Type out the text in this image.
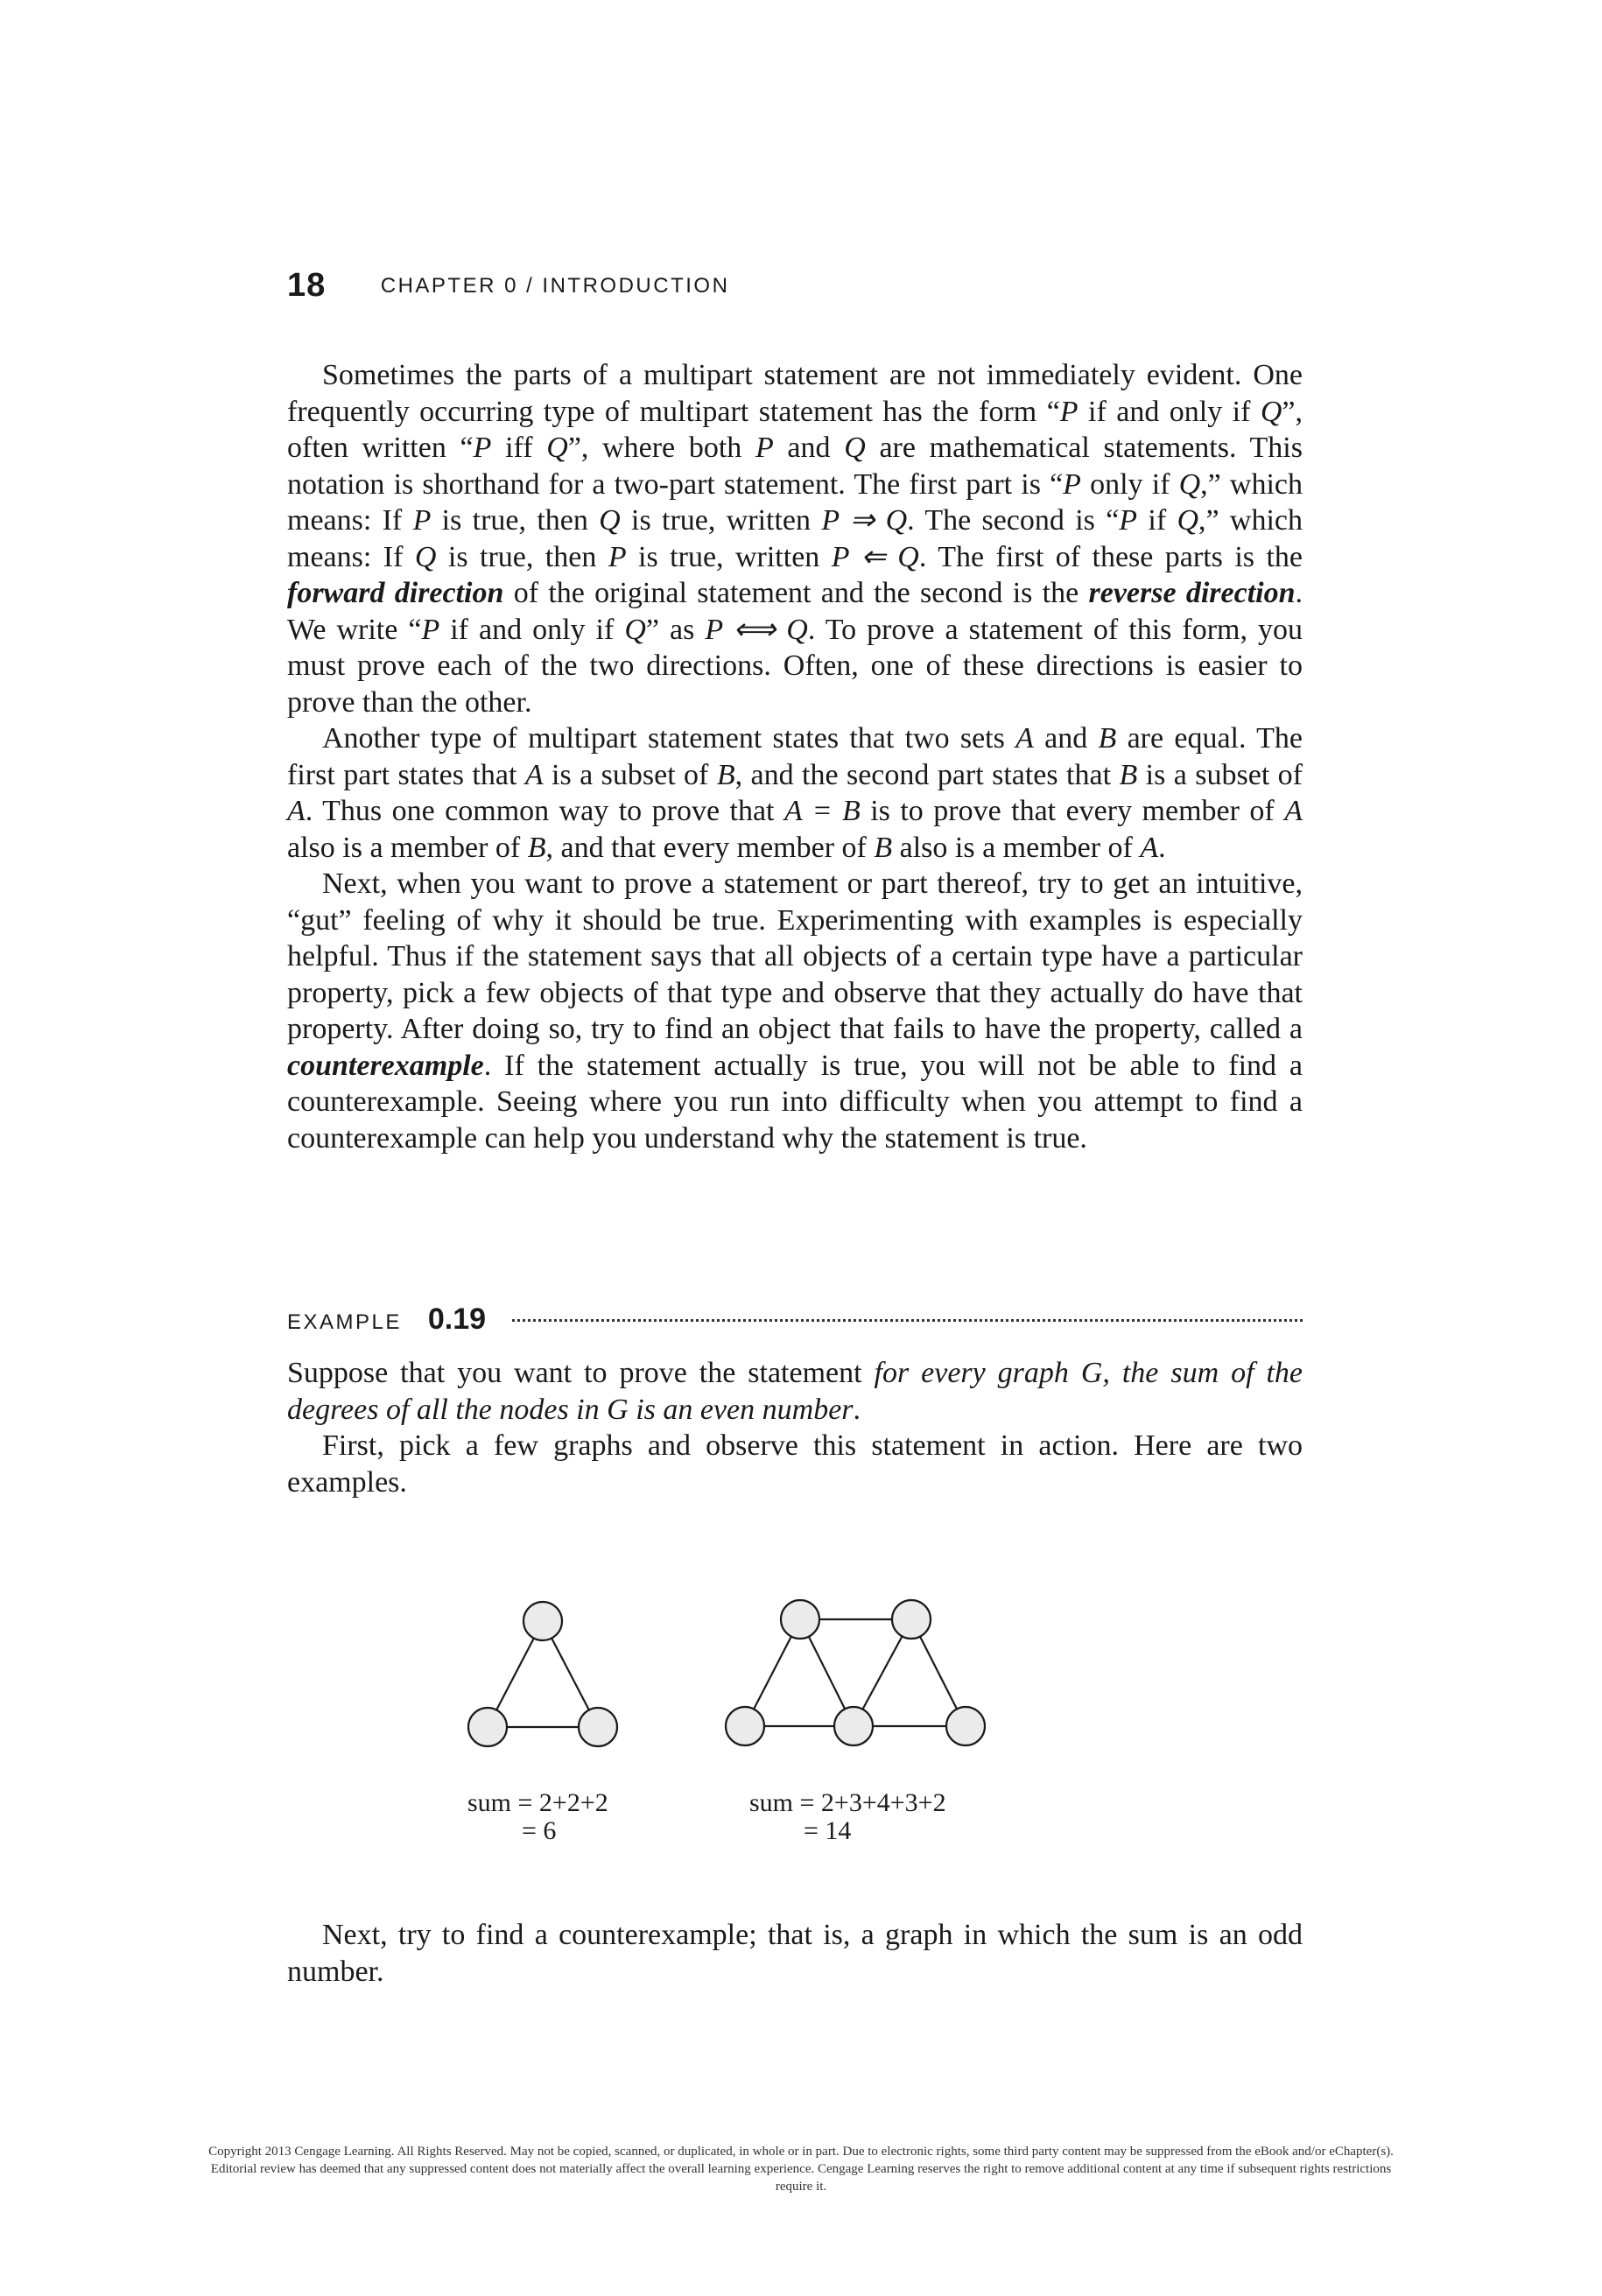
18	CHAPTER 0 / INTRODUCTION

Sometimes the parts of a multipart statement are not immediately evident. One frequently occurring type of multipart statement has the form “P if and only if Q”, often written “P iff Q”, where both P and Q are mathematical statements. This notation is shorthand for a two-part statement. The first part is “P only if Q,” which means: If P is true, then Q is true, written P ⇒ Q. The second is “P if Q,” which means: If Q is true, then P is true, written P ⇐ Q. The first of these parts is the forward direction of the original statement and the second is the reverse direction. We write “P if and only if Q” as P ⟺ Q. To prove a statement of this form, you must prove each of the two directions. Often, one of these directions is easier to prove than the other.

Another type of multipart statement states that two sets A and B are equal. The first part states that A is a subset of B, and the second part states that B is a subset of A. Thus one common way to prove that A = B is to prove that every member of A also is a member of B, and that every member of B also is a member of A.

Next, when you want to prove a statement or part thereof, try to get an intuitive, “gut” feeling of why it should be true. Experimenting with examples is especially helpful. Thus if the statement says that all objects of a certain type have a particular property, pick a few objects of that type and observe that they actually do have that property. After doing so, try to find an object that fails to have the property, called a counterexample. If the statement actually is true, you will not be able to find a counterexample. Seeing where you run into difficulty when you attempt to find a counterexample can help you understand why the statement is true.

EXAMPLE 0.19

Suppose that you want to prove the statement for every graph G, the sum of the degrees of all the nodes in G is an even number.

First, pick a few graphs and observe this statement in action. Here are two examples.

sum = 2+2+2
= 6
sum = 2+3+4+3+2
= 14

Next, try to find a counterexample; that is, a graph in which the sum is an odd number.

Copyright 2013 Cengage Learning. All Rights Reserved. May not be copied, scanned, or duplicated, in whole or in part. Due to electronic rights, some third party content may be suppressed from the eBook and/or eChapter(s). Editorial review has deemed that any suppressed content does not materially affect the overall learning experience. Cengage Learning reserves the right to remove additional content at any time if subsequent rights restrictions require it.
